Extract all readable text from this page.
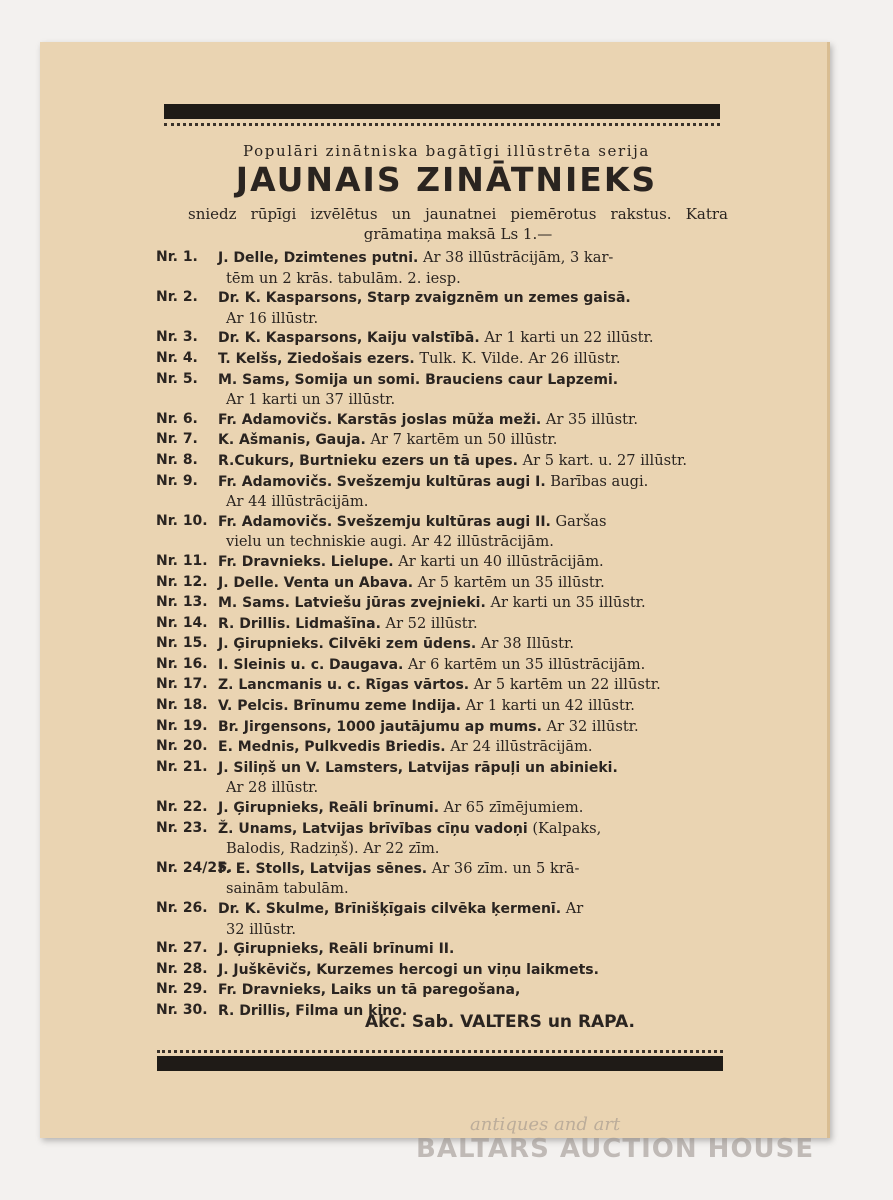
Populāri zinātniska bagātīgi illūstrēta serija
JAUNAIS ZINĀTNIEKS
sniedz rūpīgi izvēlētus un jaunatnei piemērotus rakstus. Katra grāmatiņa maksā Ls 1.—
Nr. 1. J. Delle, Dzimtenes putni. Ar 38 illūstrācijām, 3 kar-
tēm un 2 krās. tabulām. 2. iesp.
Nr. 2. Dr. K. Kasparsons, Starp zvaigznēm un zemes gaisā.
Ar 16 illūstr.
Nr. 3. Dr. K. Kasparsons, Kaiju valstībā. Ar 1 karti un 22 illūstr.
Nr. 4. T. Kelšs, Ziedošais ezers. Tulk. K. Vilde. Ar 26 illūstr.
Nr. 5. M. Sams, Somija un somi. Brauciens caur Lapzemi.
Ar 1 karti un 37 illūstr.
Nr. 6. Fr. Adamovičs. Karstās joslas mūža meži. Ar 35 illūstr.
Nr. 7. K. Ašmanis, Gauja. Ar 7 kartēm un 50 illūstr.
Nr. 8. R.Cukurs, Burtnieku ezers un tā upes. Ar 5 kart. u. 27 illūstr.
Nr. 9. Fr. Adamovičs. Svešzemju kultūras augi I. Barības augi.
Ar 44 illūstrācijām.
Nr. 10. Fr. Adamovičs. Svešzemju kultūras augi II. Garšas
vielu un techniskie augi. Ar 42 illūstrācijām.
Nr. 11. Fr. Dravnieks. Lielupe. Ar karti un 40 illūstrācijām.
Nr. 12. J. Delle. Venta un Abava. Ar 5 kartēm un 35 illūstr.
Nr. 13. M. Sams. Latviešu jūras zvejnieki. Ar karti un 35 illūstr.
Nr. 14. R. Drillis. Lidmašīna. Ar 52 illūstr.
Nr. 15. J. Ģirupnieks. Cilvēki zem ūdens. Ar 38 Illūstr.
Nr. 16. I. Sleinis u. c. Daugava. Ar 6 kartēm un 35 illūstrācijām.
Nr. 17. Z. Lancmanis u. c. Rīgas vārtos. Ar 5 kartēm un 22 illūstr.
Nr. 18. V. Pelcis. Brīnumu zeme Indija. Ar 1 karti un 42 illūstr.
Nr. 19. Br. Jirgensons, 1000 jautājumu ap mums. Ar 32 illūstr.
Nr. 20. E. Mednis, Pulkvedis Briedis. Ar 24 illūstrācijām.
Nr. 21. J. Siliņš un V. Lamsters, Latvijas rāpuļi un abinieki.
Ar 28 illūstr.
Nr. 22. J. Ģirupnieks, Reāli brīnumi. Ar 65 zīmējumiem.
Nr. 23. Ž. Unams, Latvijas brīvības cīņu vadoņi (Kalpaks,
Balodis, Radziņš). Ar 22 zīm.
Nr. 24/25.
F. E. Stolls, Latvijas sēnes. Ar 36 zīm. un 5 krā-
sainām tabulām.
Nr. 26. Dr. K. Skulme, Brīnišķīgais cilvēka ķermenī. Ar
32 illūstr.
Nr. 27. J. Ģirupnieks, Reāli brīnumi II.
Nr. 28. J. Juškēvičs, Kurzemes hercogi un viņu laikmets.
Nr. 29. Fr. Dravnieks, Laiks un tā paregošana,
Nr. 30. R. Drillis, Filma un kino.
Akc. Sab. VALTERS un RAPA.
antiques and art
BALTARS AUCTION HOUSE
